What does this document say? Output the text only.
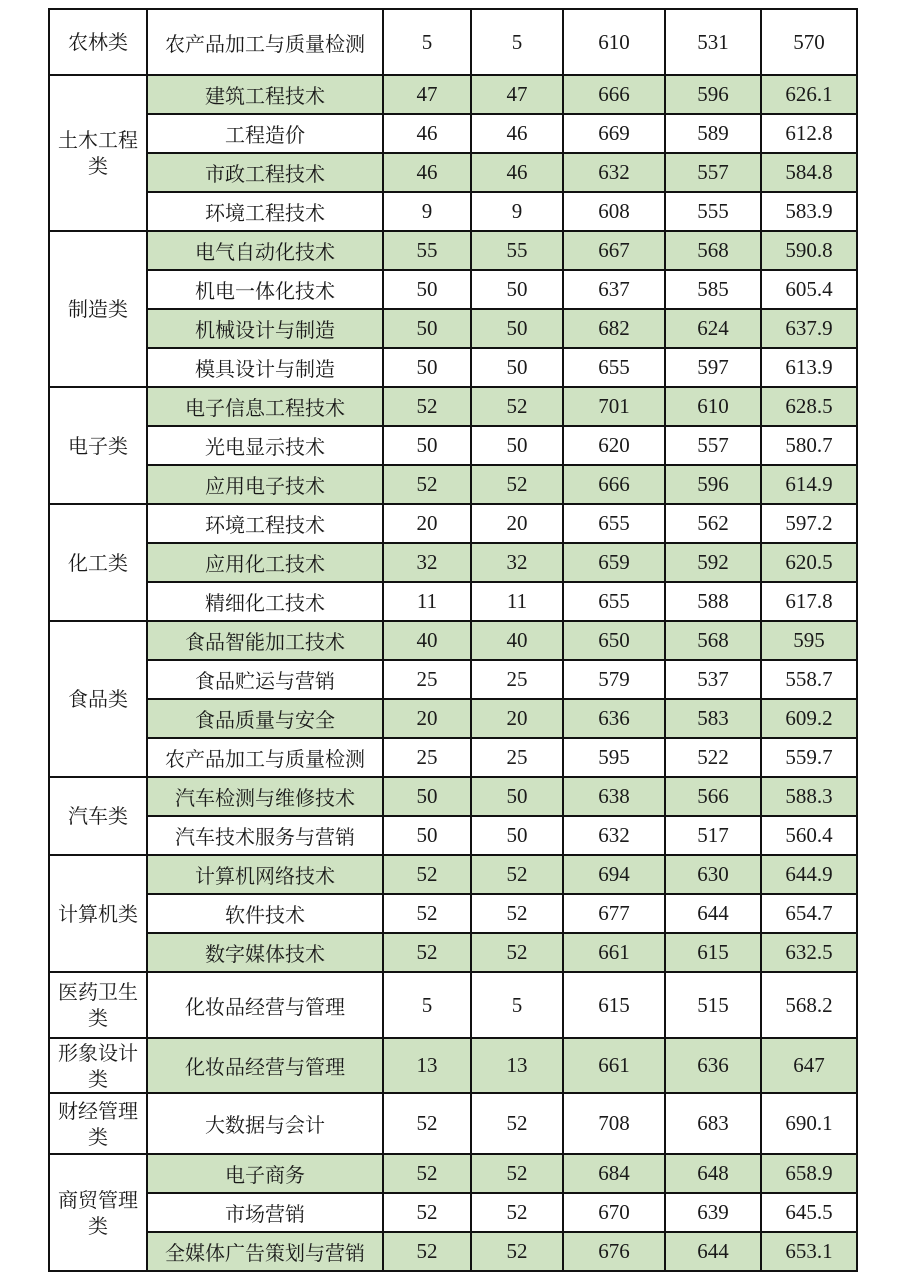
农林类	农产品加工与质量检测	5	5	610	531	570

土木工程类	建筑工程技术	47	47	666	596	626.1
	工程造价	46	46	669	589	612.8
	市政工程技术	46	46	632	557	584.8
	环境工程技术	9	9	608	555	583.9

制造类	电气自动化技术	55	55	667	568	590.8
	机电一体化技术	50	50	637	585	605.4
	机械设计与制造	50	50	682	624	637.9
	模具设计与制造	50	50	655	597	613.9

电子类	电子信息工程技术	52	52	701	610	628.5
	光电显示技术	50	50	620	557	580.7
	应用电子技术	52	52	666	596	614.9

化工类	环境工程技术	20	20	655	562	597.2
	应用化工技术	32	32	659	592	620.5
	精细化工技术	11	11	655	588	617.8

食品类	食品智能加工技术	40	40	650	568	595
	食品贮运与营销	25	25	579	537	558.7
	食品质量与安全	20	20	636	583	609.2
	农产品加工与质量检测	25	25	595	522	559.7

汽车类	汽车检测与维修技术	50	50	638	566	588.3
	汽车技术服务与营销	50	50	632	517	560.4

计算机类	计算机网络技术	52	52	694	630	644.9
	软件技术	52	52	677	644	654.7
	数字媒体技术	52	52	661	615	632.5

医药卫生类	化妆品经营与管理	5	5	615	515	568.2

形象设计类	化妆品经营与管理	13	13	661	636	647

财经管理类	大数据与会计	52	52	708	683	690.1

商贸管理类	电子商务	52	52	684	648	658.9
	市场营销	52	52	670	639	645.5
	全媒体广告策划与营销	52	52	676	644	653.1
